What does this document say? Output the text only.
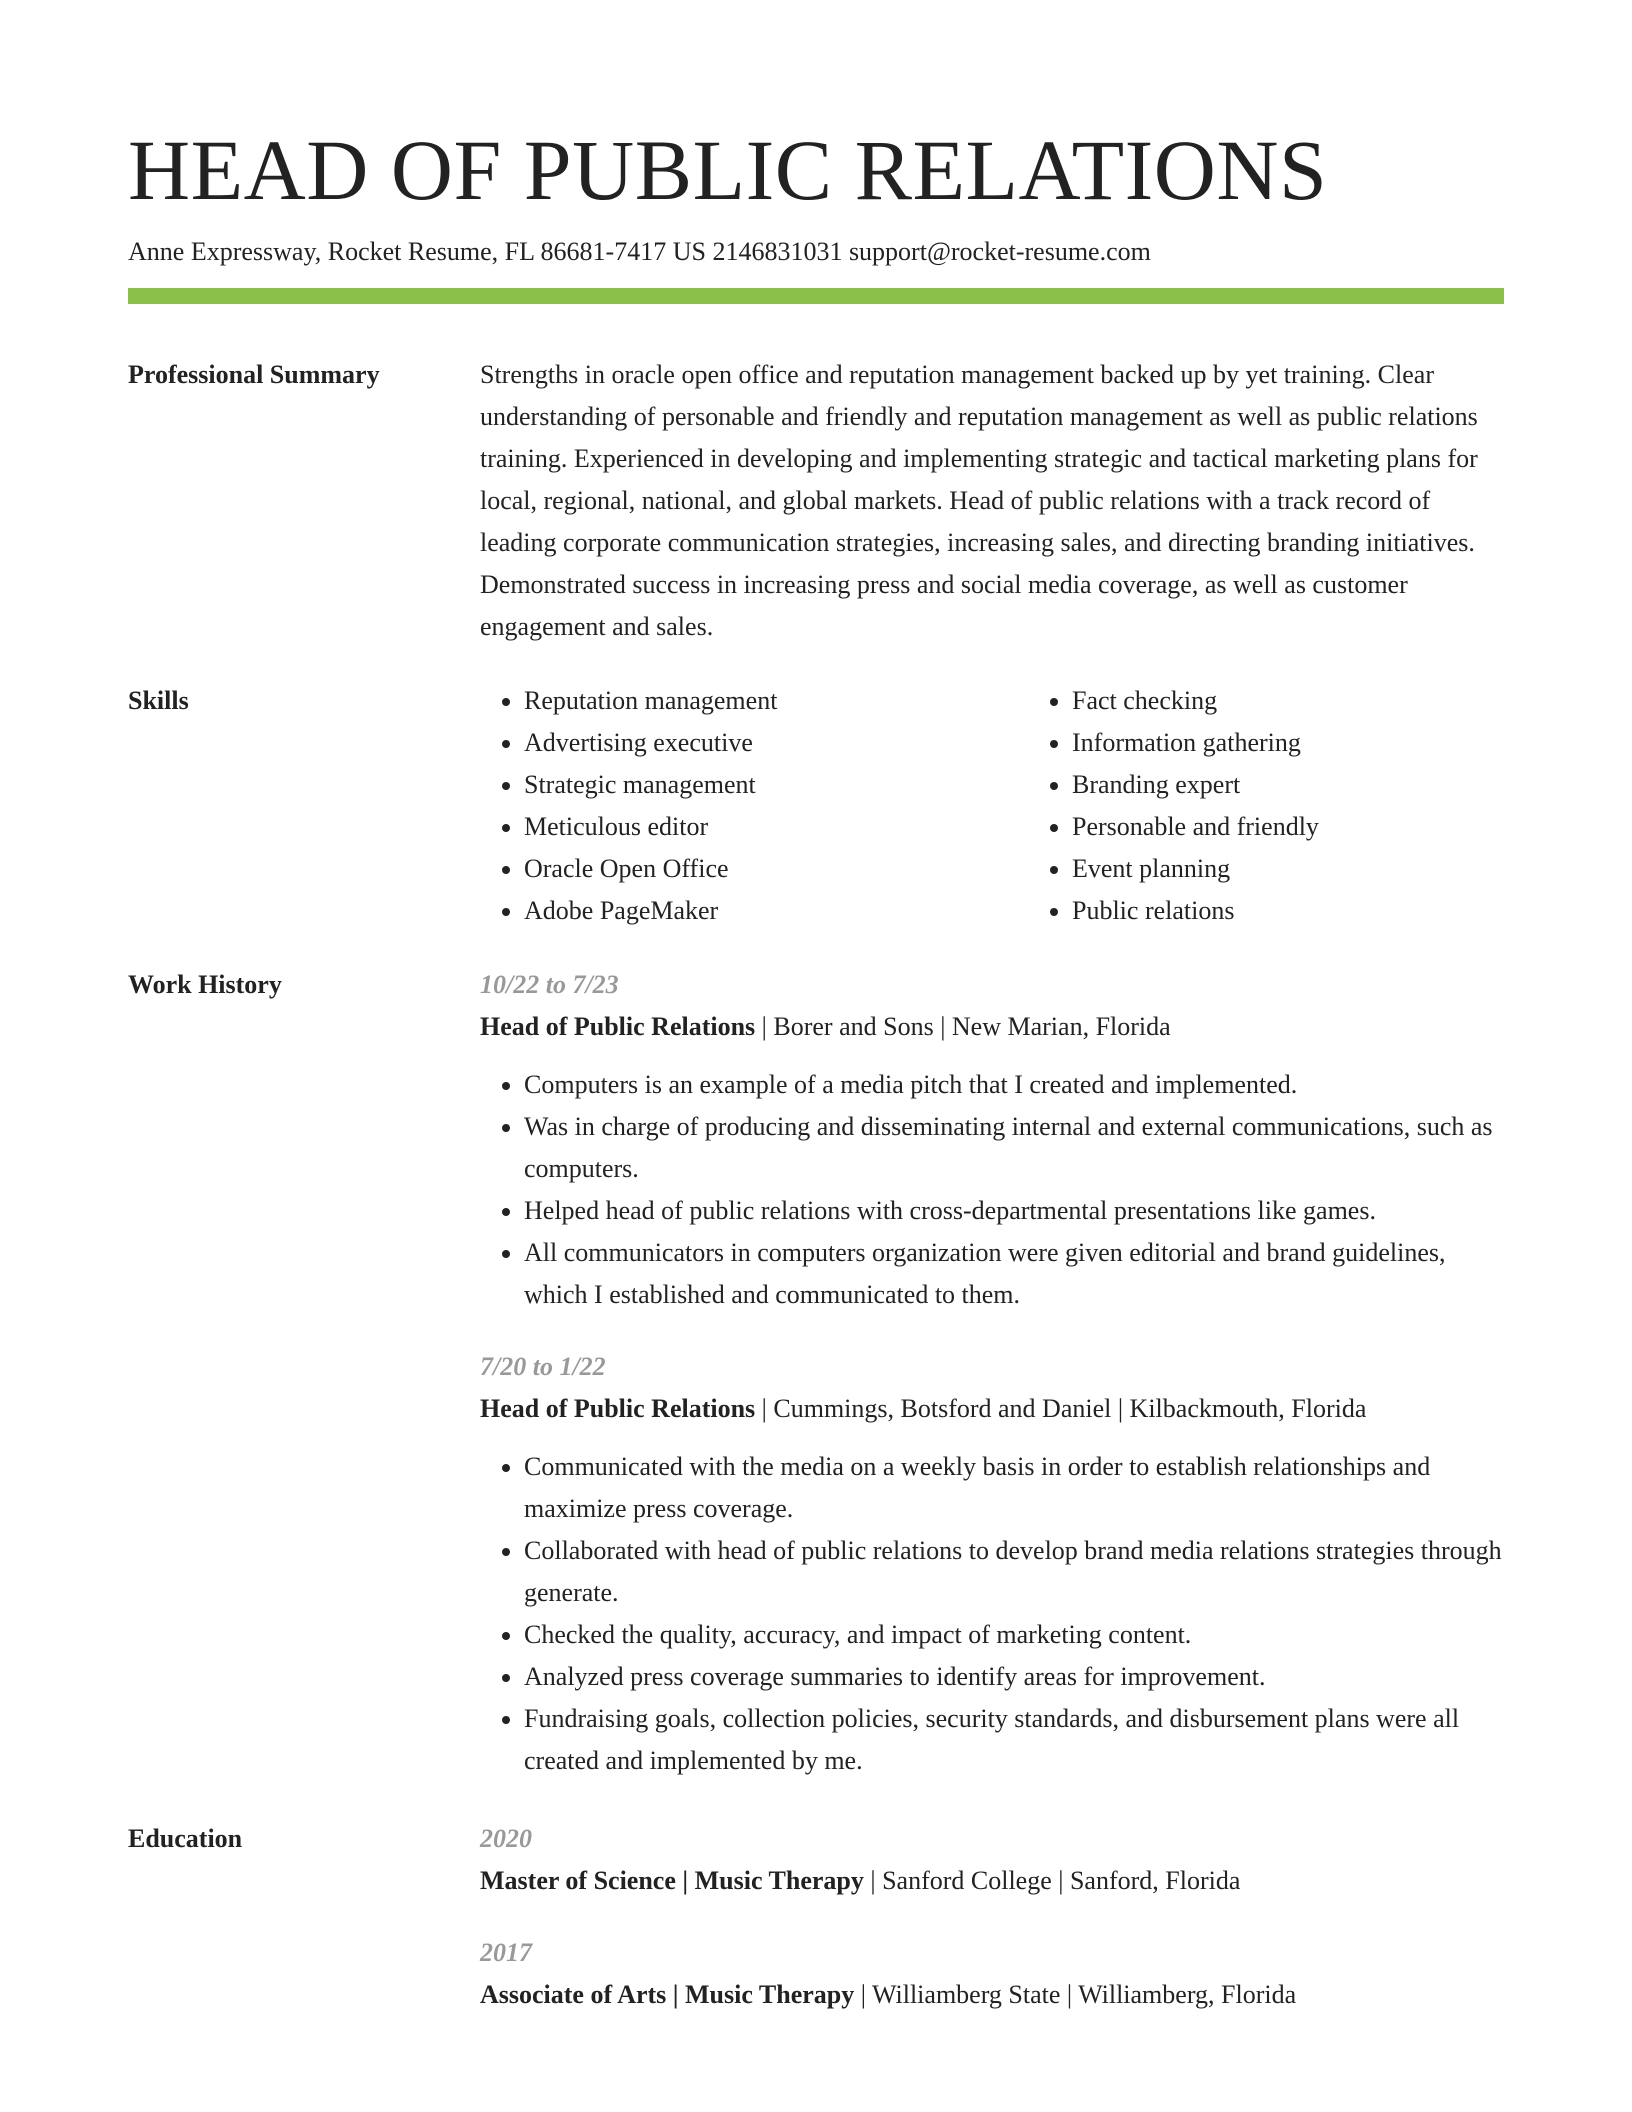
HEAD OF PUBLIC RELATIONS
Anne Expressway, Rocket Resume, FL 86681-7417 US 2146831031 support@rocket-resume.com
Professional Summary	Strengths in oracle open office and reputation management backed up by yet training. Clear understanding of personable and friendly and reputation management as well as public relations training. Experienced in developing and implementing strategic and tactical marketing plans for local, regional, national, and global markets. Head of public relations with a track record of leading corporate communication strategies, increasing sales, and directing branding initiatives. Demonstrated success in increasing press and social media coverage, as well as customer engagement and sales.
Skills
•	Reputation management
• Advertising executive
• Strategic management
• Meticulous editor
• Oracle Open Office
• Adobe PageMaker
• Fact checking
• Information gathering
• Branding expert
• Personable and friendly
• Event planning
• Public relations
Work History	10/22 to 7/23
Head of Public Relations | Borer and Sons | New Marian, Florida
• Computers is an example of a media pitch that I created and implemented.
• Was in charge of producing and disseminating internal and external communications, such as computers.
• Helped head of public relations with cross-departmental presentations like games.
• All communicators in computers organization were given editorial and brand guidelines, which I established and communicated to them.
7/20 to 1/22
Head of Public Relations | Cummings, Botsford and Daniel | Kilbackmouth, Florida
• Communicated with the media on a weekly basis in order to establish relationships and maximize press coverage.
• Collaborated with head of public relations to develop brand media relations strategies through generate.
• Checked the quality, accuracy, and impact of marketing content.
• Analyzed press coverage summaries to identify areas for improvement.
• Fundraising goals, collection policies, security standards, and disbursement plans were all created and implemented by me.
Education	2020
Master of Science | Music Therapy | Sanford College | Sanford, Florida
2017
Associate of Arts | Music Therapy | Williamberg State | Williamberg, Florida
